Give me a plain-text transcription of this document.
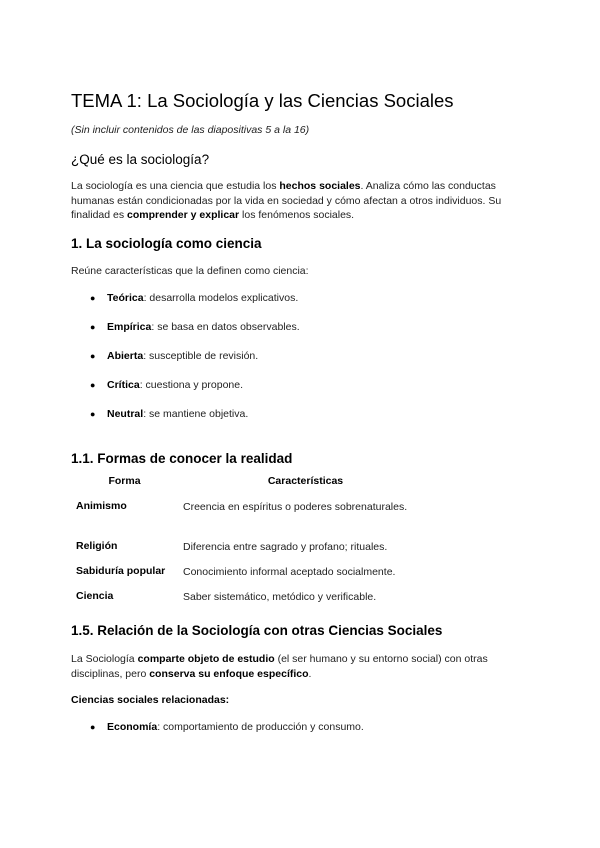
TEMA 1: La Sociología y las Ciencias Sociales
(Sin incluir contenidos de las diapositivas 5 a la 16)
¿Qué es la sociología?

La sociología es una ciencia que estudia los hechos sociales. Analiza cómo las conductas humanas están condicionadas por la vida en sociedad y cómo afectan a otros individuos. Su finalidad es comprender y explicar los fenómenos sociales.

1. La sociología como ciencia
Reúne características que la definen como ciencia:
● Teórica: desarrolla modelos explicativos.
● Empírica: se basa en datos observables.
● Abierta: susceptible de revisión.
● Crítica: cuestiona y propone.
● Neutral: se mantiene objetiva.
1.1. Formas de conocer la realidad
Forma	Características
Animismo	Creencia en espíritus o poderes sobrenaturales.
Religión	Diferencia entre sagrado y profano; rituales.
Sabiduría popular	Conocimiento informal aceptado socialmente.
Ciencia	Saber sistemático, metódico y verificable.
1.5. Relación de la Sociología con otras Ciencias Sociales

La Sociología comparte objeto de estudio (el ser humano y su entorno social) con otras disciplinas, pero conserva su enfoque específico.

Ciencias sociales relacionadas:
● Economía: comportamiento de producción y consumo.
